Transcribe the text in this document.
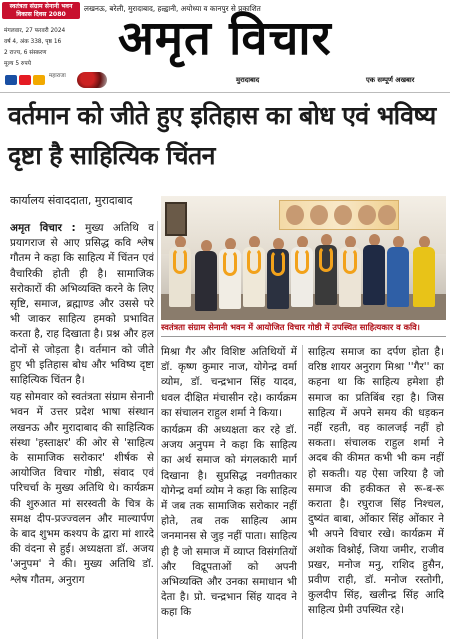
स्वतंत्रता संग्राम सेनानी भवन
विकास दिवस 2080
लखनऊ, बरेली, मुरादाबाद, हल्द्वानी, अयोध्या व कानपुर से प्रकाशित
मंगलवार, 27 फरवरी 2024
वर्ष 4, अंक 338, पृष्ठ 16
2 राज्य, 6 संस्करण
मूल्य 5 रुपये	अमृत विचार
मुरादाबाद	एक सम्पूर्ण अखबार
महाराजा
वर्तमान को जीते हुए इतिहास का बोध एवं भविष्य दृष्टा है साहित्यिक चिंतन
कार्यालय संवाददाता, मुरादाबाद

अमृत विचार : मुख्य अतिथि व प्रयागराज से आए प्रसिद्ध कवि श्लेष गौतम ने कहा कि साहित्य में चिंतन एवं वैचारिकी होती ही है। सामाजिक सरोकारों की अभिव्यक्ति करने के लिए सृष्टि, समाज, ब्रह्माण्ड और उससे परे भी जाकर साहित्य हमको प्रभावित करता है, राह दिखाता है। प्रश्न और हल दोनों से जोड़ता है। वर्तमान को जीते हुए भी इतिहास बोध और भविष्य दृष्टा साहित्यिक चिंतन है।

यह सोमवार को स्वतंत्रता संग्राम सेनानी भवन में उत्तर प्रदेश भाषा संस्थान लखनऊ और मुरादाबाद की साहित्यिक संस्था 'हस्ताक्षर' की ओर से 'साहित्य के सामाजिक सरोकार' शीर्षक से आयोजित विचार गोष्ठी, संवाद एवं परिचर्चा के मुख्य अतिथि थे। कार्यक्रम की शुरुआत मां सरस्वती के चित्र के समक्ष दीप-प्रज्ज्वलन और माल्यार्पण के बाद शुभम कश्यप के द्वारा मां शारदे की वंदना से हुई। अध्यक्षता डॉ. अजय 'अनुपम' ने की। मुख्य अतिथि डॉ. श्लेष गौतम, अनुराग

स्वतंत्रता संग्राम सेनानी भवन में आयोजित विचार गोष्ठी में उपस्थित साहित्यकार व कवि।

मिश्रा गैर और विशिष्ट अतिथियों में डॉ. कृष्ण कुमार नाज, योगेन्द्र वर्मा व्योम, डॉ. चन्द्रभान सिंह यादव, धवल दीक्षित मंचासीन रहे। कार्यक्रम का संचालन राहुल शर्मा ने किया।

कार्यक्रम की अध्यक्षता कर रहे डॉ. अजय अनुपम ने कहा कि साहित्य का अर्थ समाज को मंगलकारी मार्ग दिखाना है। सुप्रसिद्ध नवगीतकार योगेन्द्र वर्मा व्योम ने कहा कि साहित्य में जब तक सामाजिक सरोकार नहीं होते, तब तक साहित्य आम जनमानस से जुड़ नहीं पाता। साहित्य ही है जो समाज में व्याप्त विसंगतियों और विद्रूपताओं को अपनी अभिव्यक्ति और उनका समाधान भी देता है। प्रो. चन्द्रभान सिंह यादव ने कहा कि

साहित्य समाज का दर्पण होता है। वरिष्ठ शायर अनुराग मिश्रा ''गैर'' का कहना था कि साहित्य हमेशा ही समाज का प्रतिबिंब रहा है। जिस साहित्य में अपने समय की धड़कन नहीं रहती, वह कालजई नहीं हो सकता। संचालक राहुल शर्मा ने अदब की कीमत कभी भी कम नहीं हो सकती। यह ऐसा जरिया है जो समाज की हकीकत से रू-ब-रू कराता है। रघुराज सिंह निश्चल, दुष्यंत बाबा, ओंकार सिंह ओंकार ने भी अपने विचार रखे। कार्यक्रम में अशोक विश्नोई, जिया जमीर, राजीव प्रखर, मनोज मनु, राशिद हुसैन, प्रवीण राही, डॉ. मनोज रस्तोगी, कुलदीप सिंह, खलीन्द्र सिंह आदि साहित्य प्रेमी उपस्थित रहे।
